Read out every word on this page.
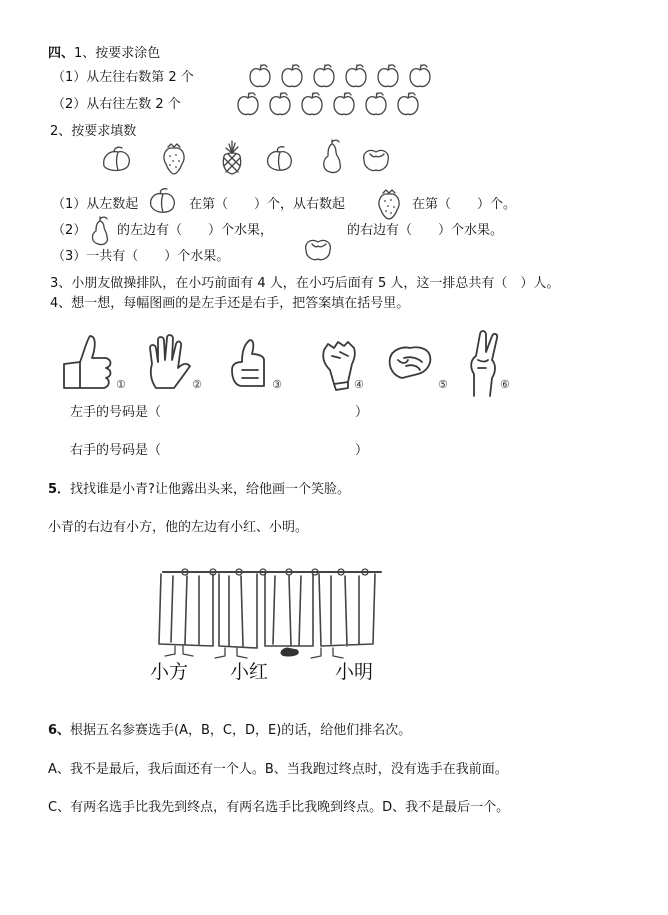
四、1、按要求涂色
（1）从左往右数第 2 个
（2）从右往左数 2 个
2、按要求填数
（1）从左数起	在第（　　）个，从右数起	在第（　　）个。
（2） 的左边有（　　）个水果，	的右边有（　　）个水果。
（3）一共有（　　）个水果。
3、小朋友做操排队，在小巧前面有 4 人，在小巧后面有 5 人，这一排总共有（　）人。
4、想一想，每幅图画的是左手还是右手，把答案填在括号里。
①	②	③	④	⑤	⑥
左手的号码是（	）
右手的号码是（	）
5．找找谁是小青?让他露出头来，给他画一个笑脸。
小青的右边有小方，他的左边有小红、小明。
小方 小红	小明
6、根据五名参赛选手(A，B，C，D，E)的话，给他们排名次。
A、我不是最后，我后面还有一个人。B、当我跑过终点时，没有选手在我前面。
C、有两名选手比我先到终点，有两名选手比我晚到终点。D、我不是最后一个。
